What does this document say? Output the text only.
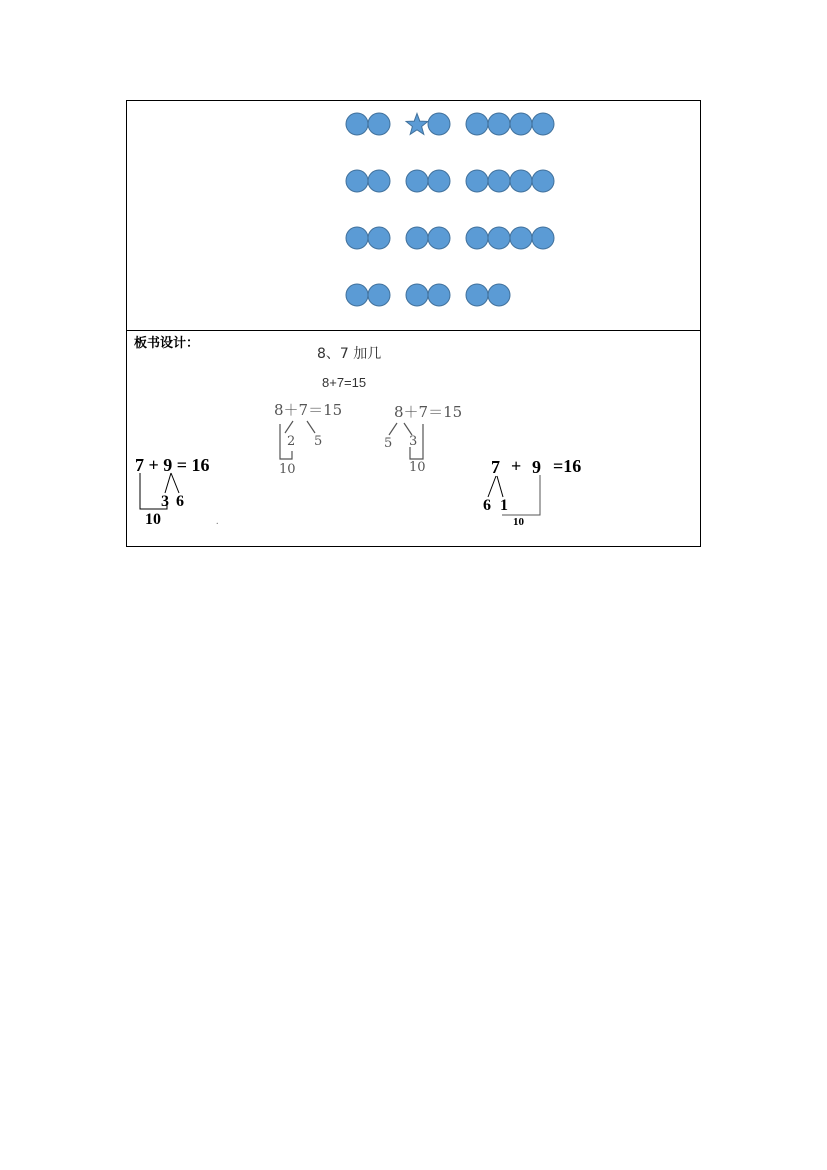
板书设计：
8、7 加几
8+7=15
8＋7＝15
2 5
10
8＋7＝15
5 3
10
7 + 9 = 16
3 6
10
7 + 9 =16
6 1
10
.
